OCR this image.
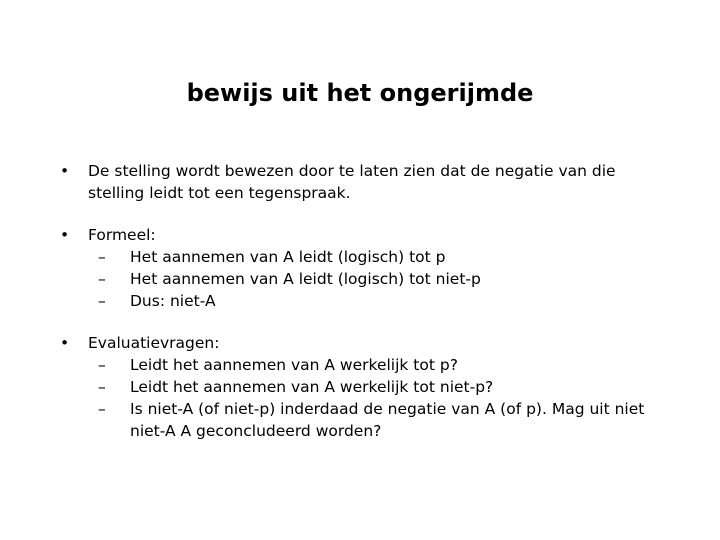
bewijs uit het ongerijmde
• De stelling wordt bewezen door te laten zien dat de negatie van die stelling leidt tot een tegenspraak.
• Formeel:
– Het aannemen van A leidt (logisch) tot p
– Het aannemen van A leidt (logisch) tot niet-p
– Dus: niet-A
• Evaluatievragen:
– Leidt het aannemen van A werkelijk tot p?
– Leidt het aannemen van A werkelijk tot niet-p?
– Is niet-A (of niet-p) inderdaad de negatie van A (of p). Mag uit niet niet-A A geconcludeerd worden?
